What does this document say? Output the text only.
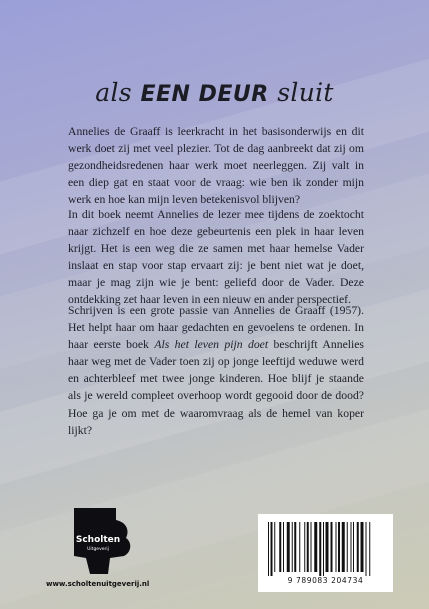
als EEN DEUR sluit

Annelies de Graaff is leerkracht in het basisonderwijs en dit werk doet zij met veel plezier. Tot de dag aanbreekt dat zij om gezondheidsredenen haar werk moet neerleggen. Zij valt in een diep gat en staat voor de vraag: wie ben ik zonder mijn werk en hoe kan mijn leven betekenisvol blijven?

In dit boek neemt Annelies de lezer mee tijdens de zoektocht naar zichzelf en hoe deze gebeurtenis een plek in haar leven krijgt. Het is een weg die ze samen met haar hemelse Vader inslaat en stap voor stap ervaart zij: je bent niet wat je doet, maar je mag zijn wie je bent: geliefd door de Vader. Deze ontdekking zet haar leven in een nieuw en ander perspectief.

Schrijven is een grote passie van Annelies de Graaff (1957). Het helpt haar om haar gedachten en gevoelens te ordenen. In haar eerste boek Als het leven pijn doet beschrijft Annelies haar weg met de Vader toen zij op jonge leeftijd weduwe werd en achterbleef met twee jonge kinderen. Hoe blijf je staande als je wereld compleet overhoop wordt gegooid door de dood? Hoe ga je om met de waaromvraag als de hemel van koper lijkt?

Scholten
Uitgeverij
www.scholtenuitgeverij.nl	9 789083 204734
